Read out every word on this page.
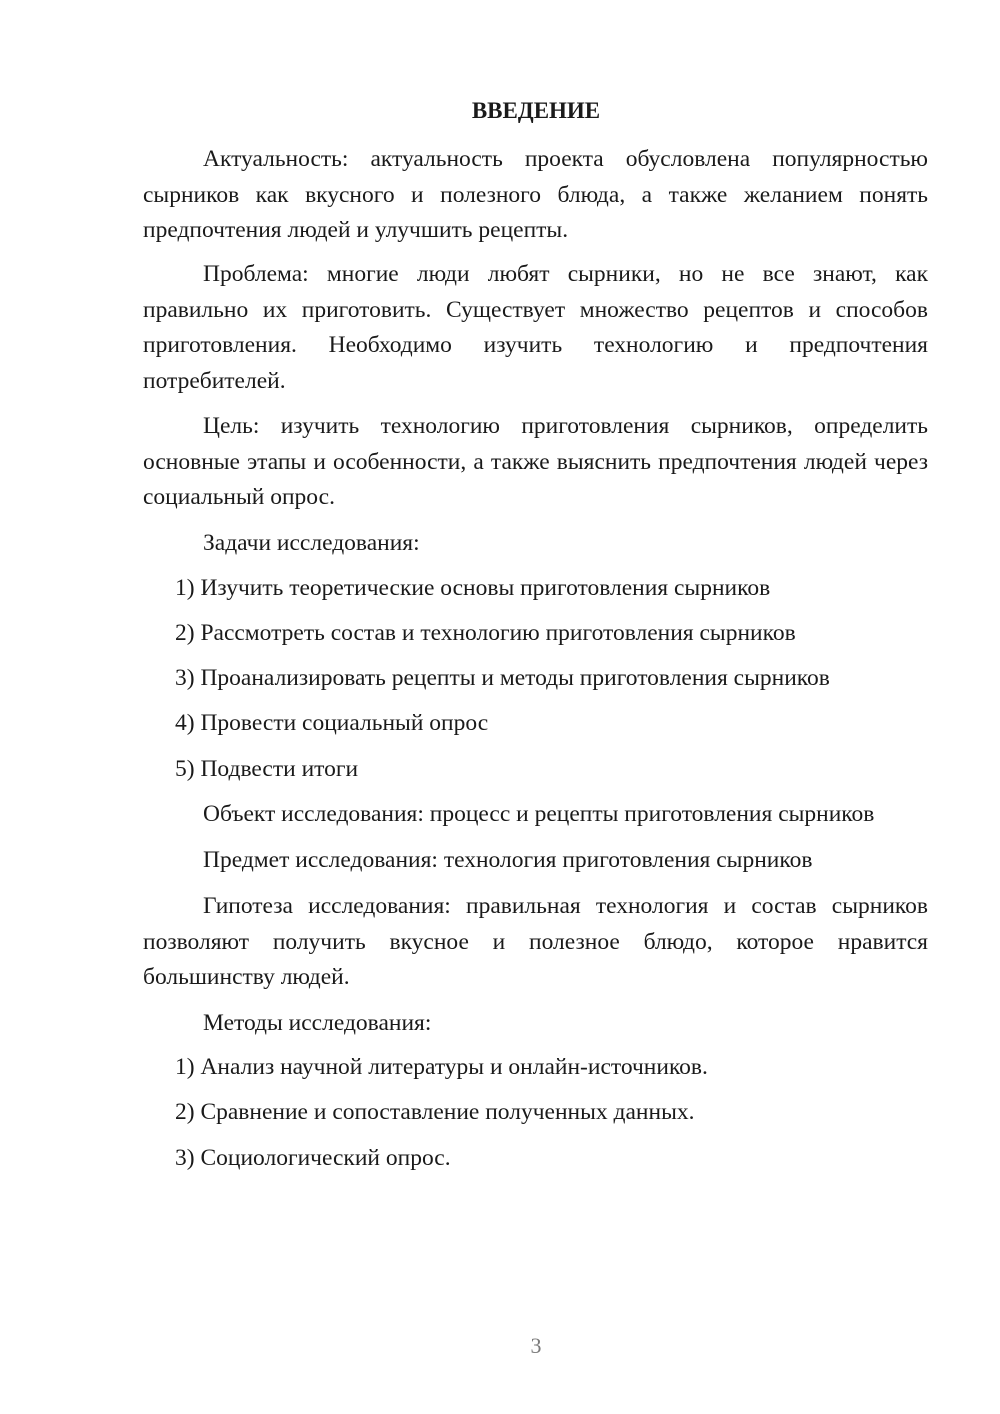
ВВЕДЕНИЕ

Актуальность: актуальность проекта обусловлена популярностью сырников как вкусного и полезного блюда, а также желанием понять предпочтения людей и улучшить рецепты.

Проблема: многие люди любят сырники, но не все знают, как правильно их приготовить. Существует множество рецептов и способов приготовления. Необходимо изучить технологию и предпочтения потребителей.

Цель: изучить технологию приготовления сырников, определить основные этапы и особенности, а также выяснить предпочтения людей через социальный опрос.

Задачи исследования:

1) Изучить теоретические основы приготовления сырников

2) Рассмотреть состав и технологию приготовления сырников

3) Проанализировать рецепты и методы приготовления сырников

4) Провести социальный опрос

5) Подвести итоги

Объект исследования: процесс и рецепты приготовления сырников

Предмет исследования: технология приготовления сырников

Гипотеза исследования: правильная технология и состав сырников позволяют получить вкусное и полезное блюдо, которое нравится большинству людей.

Методы исследования:

1) Анализ научной литературы и онлайн-источников.

2) Сравнение и сопоставление полученных данных.

3) Социологический опрос.

3
